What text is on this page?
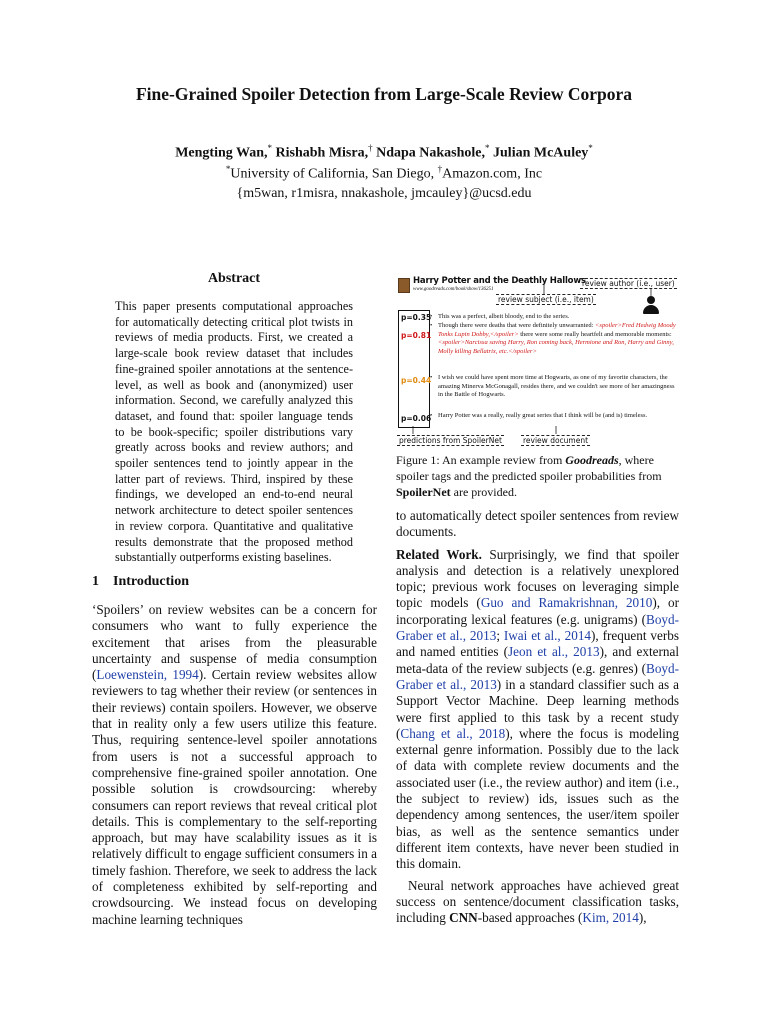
Fine-Grained Spoiler Detection from Large-Scale Review Corpora
Mengting Wan,* Rishabh Misra,† Ndapa Nakashole,* Julian McAuley*
*University of California, San Diego, †Amazon.com, Inc
{m5wan, r1misra, nnakashole, jmcauley}@ucsd.edu
Abstract

This paper presents computational approaches for automatically detecting critical plot twists in reviews of media products. First, we created a large-scale book review dataset that includes fine-grained spoiler annotations at the sentence-level, as well as book and (anonymized) user information. Second, we carefully analyzed this dataset, and found that: spoiler language tends to be book-specific; spoiler distributions vary greatly across books and review authors; and spoiler sentences tend to jointly appear in the latter part of reviews. Third, inspired by these findings, we developed an end-to-end neural network architecture to detect spoiler sentences in review corpora. Quantitative and qualitative results demonstrate that the proposed method substantially outperforms existing baselines.

1 Introduction

‘Spoilers’ on review websites can be a concern for consumers who want to fully experience the excitement that arises from the pleasurable uncertainty and suspense of media consumption (Loewenstein, 1994). Certain review websites allow reviewers to tag whether their review (or sentences in their reviews) contain spoilers. However, we observe that in reality only a few users utilize this feature. Thus, requiring sentence-level spoiler annotations from users is not a successful approach to comprehensive fine-grained spoiler annotation. One possible solution is crowdsourcing: whereby consumers can report reviews that reveal critical plot details. This is complementary to the self-reporting approach, but may have scalability issues as it is relatively difficult to engage sufficient consumers in a timely fashion. Therefore, we seek to address the lack of completeness exhibited by self-reporting and crowdsourcing. We instead focus on developing machine learning techniques

Harry Potter and the Deathly Hallows
www.goodreads.com/book/show/136251
review author (i.e., user)
review subject (i.e., item)
p=0.35
p=0.81
p=0.44
p=0.06
• This was a perfect, albeit bloody, end to the series.
• Though there were deaths that were definitely unwarranted: <spoiler>Fred Hedwig Moody Tonks Lupin Dobby,</spoiler> there were some really heartfelt and memorable moments: <spoiler>Narcissa saving Harry, Ron coming back, Hermione and Ron, Harry and Ginny, Molly killing Bellatrix, etc.</spoiler>
• I wish we could have spent more time at Hogwarts, as one of my favorite characters, the amazing Minerva McGonagall, resides there, and we couldn't see more of her amazingness in the Battle of Hogwarts.
• Harry Potter was a really, really great series that I think will be (and is) timeless.
predictions from SpoilerNet	review document
Figure 1: An example review from Goodreads, where spoiler tags and the predicted spoiler probabilities from SpoilerNet are provided.

to automatically detect spoiler sentences from review documents.

Related Work. Surprisingly, we find that spoiler analysis and detection is a relatively unexplored topic; previous work focuses on leveraging simple topic models (Guo and Ramakrishnan, 2010), or incorporating lexical features (e.g. unigrams) (Boyd-Graber et al., 2013; Iwai et al., 2014), frequent verbs and named entities (Jeon et al., 2013), and external meta-data of the review subjects (e.g. genres) (Boyd-Graber et al., 2013) in a standard classifier such as a Support Vector Machine. Deep learning methods were first applied to this task by a recent study (Chang et al., 2018), where the focus is modeling external genre information. Possibly due to the lack of data with complete review documents and the associated user (i.e., the review author) and item (i.e., the subject to review) ids, issues such as the dependency among sentences, the user/item spoiler bias, as well as the sentence semantics under different item contexts, have never been studied in this domain.

Neural network approaches have achieved great success on sentence/document classification tasks, including CNN-based approaches (Kim, 2014),
